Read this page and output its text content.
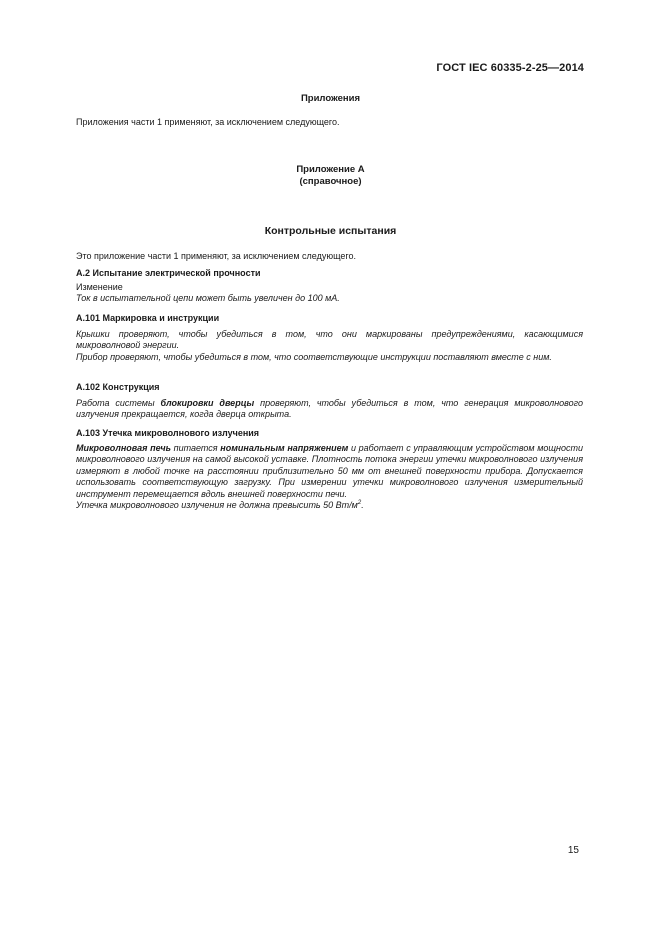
ГОСТ IEC 60335-2-25—2014
Приложения

Приложения части 1 применяют, за исключением следующего.

Приложение А
(справочное)
Контрольные испытания

Это приложение части 1 применяют, за исключением следующего.

А.2 Испытание электрической прочности

Изменение

Ток в испытательной цепи может быть увеличен до 100 мА.

А.101 Маркировка и инструкции

Крышки проверяют, чтобы убедиться в том, что они маркированы предупреждениями, касающимися микроволновой энергии.

Прибор проверяют, чтобы убедиться в том, что соответствующие инструкции поставляют вместе с ним.

А.102 Конструкция

Работа системы блокировки дверцы проверяют, чтобы убедиться в том, что генерация микроволнового излучения прекращается, когда дверца открыта.

А.103 Утечка микроволнового излучения

Микроволновая печь питается номинальным напряжением и работает с управляющим устройством мощности микроволнового излучения на самой высокой уставке. Плотность потока энергии утечки микроволнового излучения измеряют в любой точке на расстоянии приблизительно 50 мм от внешней поверхности прибора. Допускается использовать соответствующую загрузку. При измерении утечки микроволнового излучения измерительный инструмент перемещается вдоль внешней поверхности печи.

Утечка микроволнового излучения не должна превысить 50 $Вт/м^2$.

15
